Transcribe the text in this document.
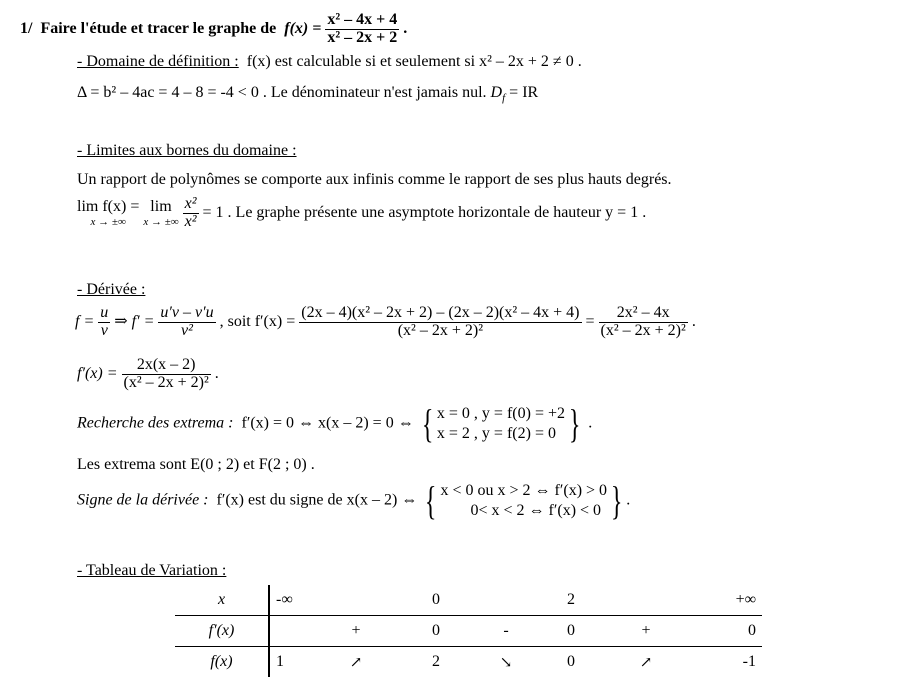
1/ Faire l'étude et tracer le graphe de $f(x) = \frac{\text{x² – 4x + 4}}{\text{x² – 2x + 2}}$ .
- Domaine de définition : f(x) est calculable si et seulement si x² – 2x + 2 ≠ 0 .
Δ = b² – 4ac = 4 – 8 = -4 < 0 . Le dénominateur n'est jamais nul. $D_f$ = IR
- Limites aux bornes du domaine :
Un rapport de polynômes se comporte aux infinis comme le rapport de ses plus hauts degrés.
lim f(x) =
x → ±∞

lim
x → ±∞
$\frac{\text{x²}}{\text{x²}} = 1$ . Le graphe présente une asymptote horizontale de hauteur y = 1 .
- Dérivée :
$f = \frac{u}{v}$ ⇒ $f' = \frac{u'v - v'u}{\text{v²}}$ , soit $f'(x) = \frac{\text{(2x – 4)(x² – 2x + 2) – (2x – 2)(x² – 4x + 4)}}{\text{(x² – 2x + 2)²}} = \frac{\text{2x² – 4x}}{\text{(x² – 2x + 2)²}}$ .
$f'(x) = \frac{2x(x - 2)}{\text{(x² – 2x + 2)²}}$ .
Recherche des extrema : f′(x) = 0 ⇔ x(x – 2) = 0 ⇔ { x = 0 , y = f(0) = +2
x = 2 , y = f(2) = 0 } .
Les extrema sont E(0 ; 2) et F(2 ; 0) .
Signe de la dérivée : f′(x) est du signe de x(x – 2) ⇔ { x < 0 ou x > 2 ⇔ f′(x) > 0
0< x < 2 ⇔ f′(x) < 0 } .
- Tableau de Variation :
x	-∞		0		2		+∞
f′(x)		+	0	-	0	+	0
f(x)	1	↗	2	↘	0	↗	-1
